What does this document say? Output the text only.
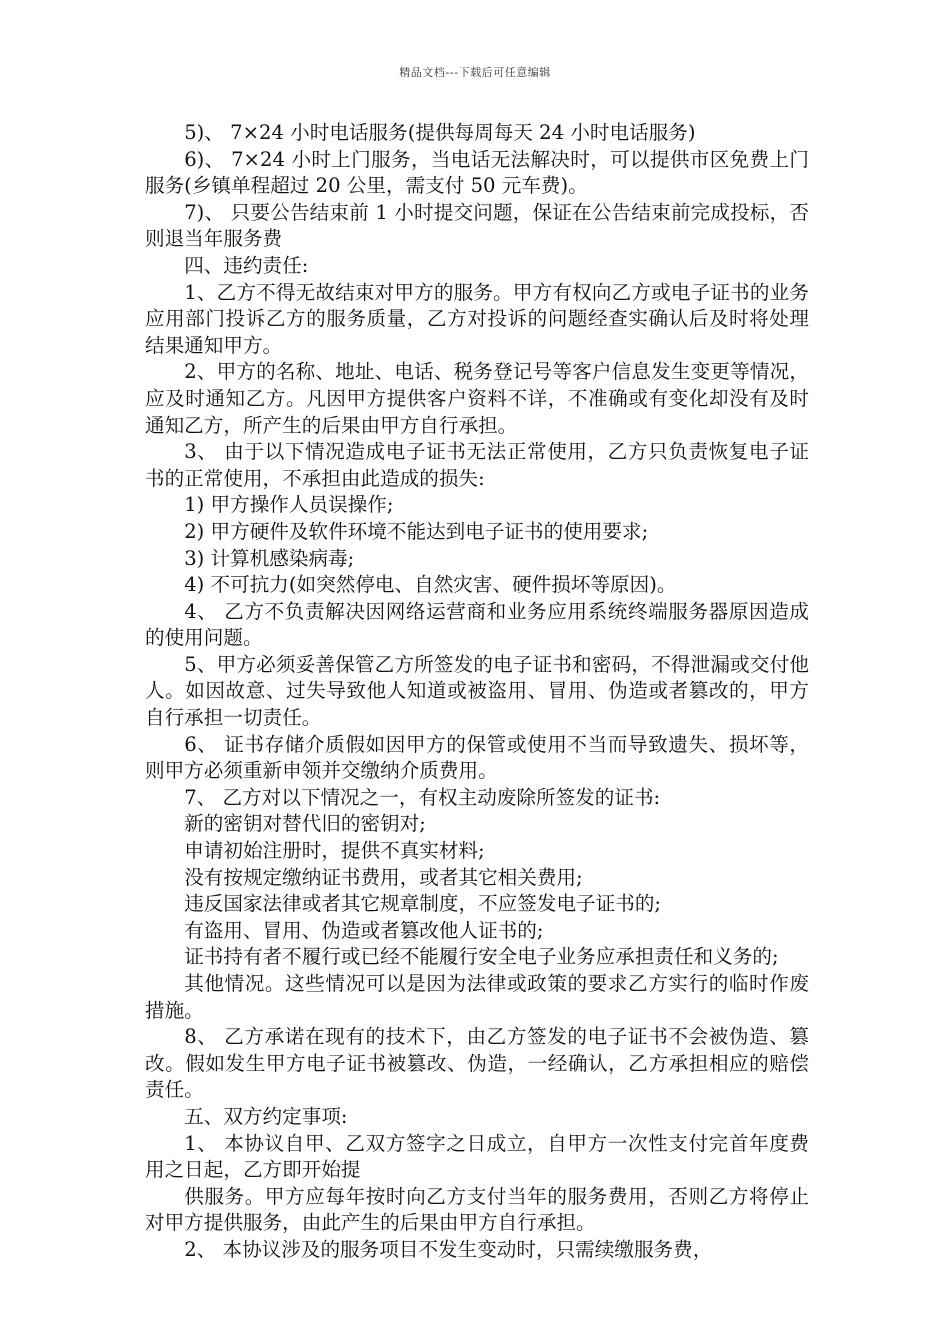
精品文档---下载后可任意编辑

5)、 7×24 小时电话服务(提供每周每天 24 小时电话服务)

6)、 7×24 小时上门服务，当电话无法解决时，可以提供市区免费上门服务(乡镇单程超过 20 公里，需支付 50 元车费)。

7)、 只要公告结束前 1 小时提交问题，保证在公告结束前完成投标，否则退当年服务费

四、违约责任:

1、乙方不得无故结束对甲方的服务。甲方有权向乙方或电子证书的业务应用部门投诉乙方的服务质量，乙方对投诉的问题经查实确认后及时将处理结果通知甲方。

2、甲方的名称、地址、电话、税务登记号等客户信息发生变更等情况，应及时通知乙方。凡因甲方提供客户资料不详，不准确或有变化却没有及时通知乙方，所产生的后果由甲方自行承担。

3、 由于以下情况造成电子证书无法正常使用，乙方只负责恢复电子证书的正常使用，不承担由此造成的损失:

1) 甲方操作人员误操作;

2) 甲方硬件及软件环境不能达到电子证书的使用要求;

3) 计算机感染病毒;

4) 不可抗力(如突然停电、自然灾害、硬件损坏等原因)。

4、 乙方不负责解决因网络运营商和业务应用系统终端服务器原因造成的使用问题。

5、甲方必须妥善保管乙方所签发的电子证书和密码，不得泄漏或交付他人。如因故意、过失导致他人知道或被盗用、冒用、伪造或者篡改的，甲方自行承担一切责任。

6、 证书存储介质假如因甲方的保管或使用不当而导致遗失、损坏等，则甲方必须重新申领并交缴纳介质费用。

7、 乙方对以下情况之一，有权主动废除所签发的证书:

新的密钥对替代旧的密钥对;

申请初始注册时，提供不真实材料;

没有按规定缴纳证书费用，或者其它相关费用;

违反国家法律或者其它规章制度，不应签发电子证书的;

有盗用、冒用、伪造或者篡改他人证书的;

证书持有者不履行或已经不能履行安全电子业务应承担责任和义务的;

其他情况。这些情况可以是因为法律或政策的要求乙方实行的临时作废措施。

8、 乙方承诺在现有的技术下，由乙方签发的电子证书不会被伪造、篡改。假如发生甲方电子证书被篡改、伪造，一经确认，乙方承担相应的赔偿责任。

五、双方约定事项:

1、 本协议自甲、乙双方签字之日成立，自甲方一次性支付完首年度费用之日起，乙方即开始提

供服务。甲方应每年按时向乙方支付当年的服务费用，否则乙方将停止对甲方提供服务，由此产生的后果由甲方自行承担。

2、 本协议涉及的服务项目不发生变动时，只需续缴服务费，
